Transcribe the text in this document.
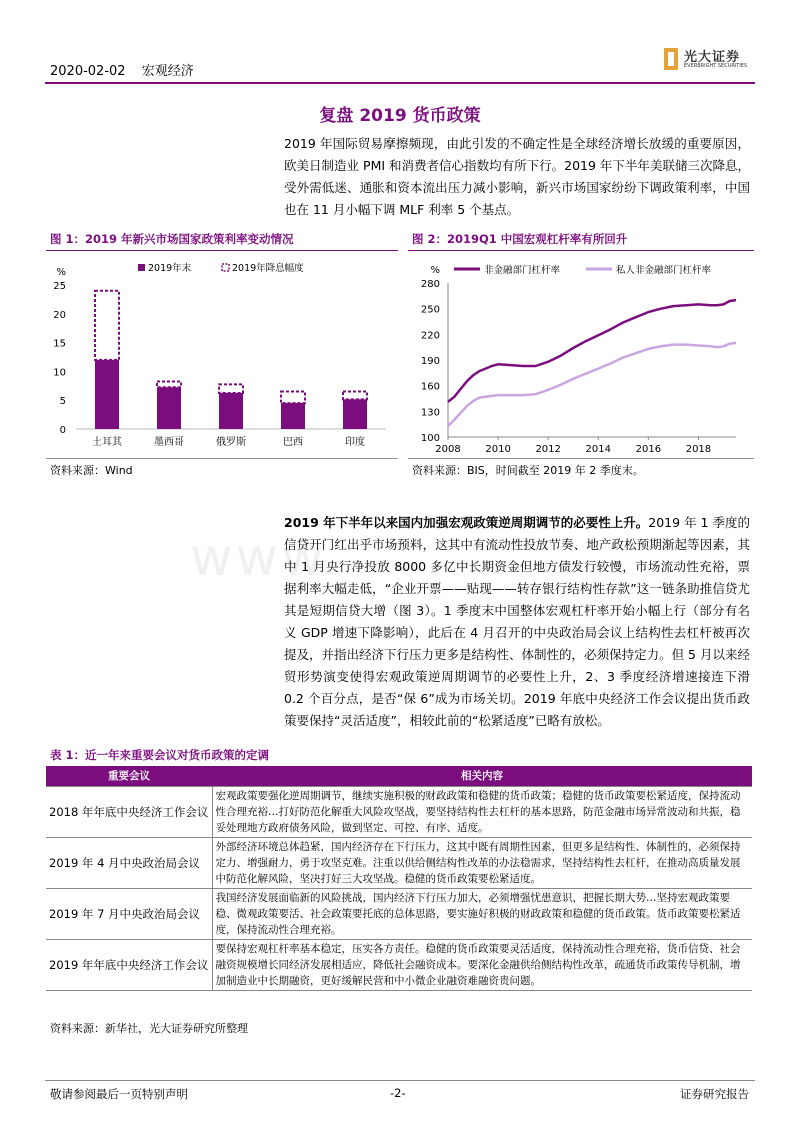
2020-02-02 宏观经济
光大证券
EVERBRIGHT SECURITIES
复盘 2019 货币政策
2019 年国际贸易摩擦频现，由此引发的不确定性是全球经济增长放缓的重要原因，欧美日制造业 PMI 和消费者信心指数均有所下行。2019 年下半年美联储三次降息，受外需低迷、通胀和资本流出压力减小影响，新兴市场国家纷纷下调政策利率，中国也在 11 月小幅下调 MLF 利率 5 个基点。
图 1：2019 年新兴市场国家政策利率变动情况
%
0
5
10
15
20
25
2019年末	2019年降息幅度
土耳其	墨西哥	俄罗斯	巴西	印度
资料来源：Wind
图 2：2019Q1 中国宏观杠杆率有所回升
%
100
130
160
190
220
250
280
2008 2010 2012 2014 2016 2018
非金融部门杠杆率	私人非金融部门杠杆率
资料来源：BIS，时间截至 2019 年 2 季度末。
www.
2019 年下半年以来国内加强宏观政策逆周期调节的必要性上升。2019 年 1 季度的信贷开门红出乎市场预料，这其中有流动性投放节奏、地产政松预期渐起等因素，其中 1 月央行净投放 8000 多亿中长期资金但地方债发行较慢，市场流动性充裕，票据利率大幅走低，“企业开票——贴现——转存银行结构性存款”这一链条助推信贷尤其是短期信贷大增（图 3）。1 季度末中国整体宏观杠杆率开始小幅上行（部分有名义 GDP 增速下降影响），此后在 4 月召开的中央政治局会议上结构性去杠杆被再次提及，并指出经济下行压力更多是结构性、体制性的，必须保持定力。但 5 月以来经贸形势演变使得宏观政策逆周期调节的必要性上升，2、3 季度经济增速接连下滑 0.2 个百分点，是否“保 6”成为市场关切。2019 年底中央经济工作会议提出货币政策要保持“灵活适度”，相较此前的“松紧适度”已略有放松。
表 1：近一年来重要会议对货币政策的定调
重要会议	相关内容
2018 年年底中央经济工作会议	宏观政策要强化逆周期调节，继续实施积极的财政政策和稳健的货币政策；稳健的货币政策要松紧适度，保持流动性合理充裕…打好防范化解重大风险攻坚战，要坚持结构性去杠杆的基本思路，防范金融市场异常波动和共振，稳妥处理地方政府债务风险，做到坚定、可控、有序、适度。
2019 年 4 月中央政治局会议	外部经济环境总体趋紧，国内经济存在下行压力，这其中既有周期性因素，但更多是结构性、体制性的，必须保持定力、增强耐力，勇于攻坚克难。注重以供给侧结构性改革的办法稳需求，坚持结构性去杠杆，在推动高质量发展中防范化解风险，坚决打好三大攻坚战。稳健的货币政策要松紧适度。
2019 年 7 月中央政治局会议	我国经济发展面临新的风险挑战，国内经济下行压力加大，必须增强忧患意识，把握长期大势…坚持宏观政策要稳、微观政策要活、社会政策要托底的总体思路，要实施好积极的财政政策和稳健的货币政策。货币政策要松紧适度，保持流动性合理充裕。
2019 年年底中央经济工作会议	要保持宏观杠杆率基本稳定，压实各方责任。稳健的货币政策要灵活适度，保持流动性合理充裕，货币信贷、社会融资规模增长同经济发展相适应，降低社会融资成本。要深化金融供给侧结构性改革，疏通货币政策传导机制，增加制造业中长期融资，更好缓解民营和中小微企业融资难融资贵问题。
资料来源：新华社，光大证券研究所整理
敬请参阅最后一页特别声明	-2-	证券研究报告
